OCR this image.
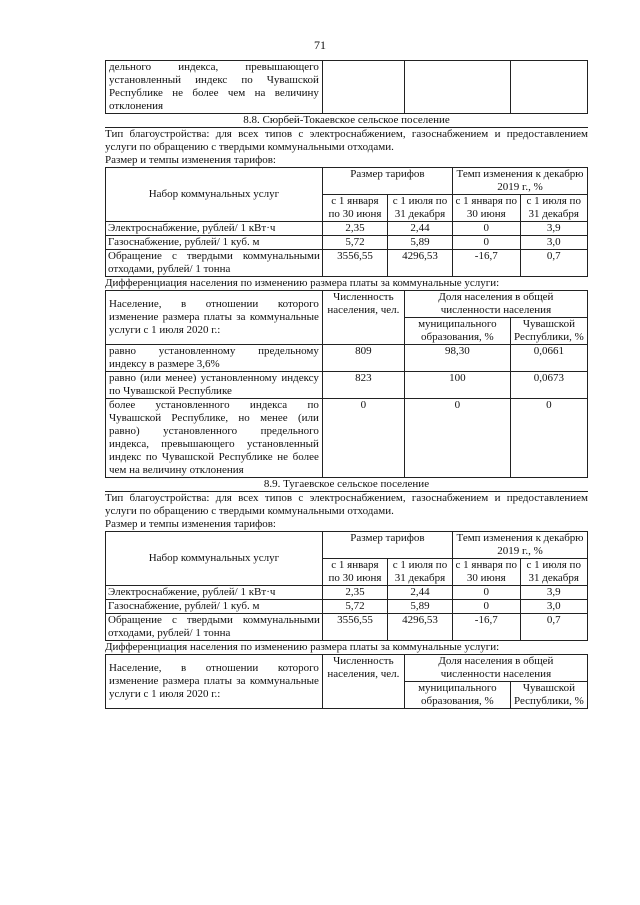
71
дельного индекса, превышающего установленный индекс по Чувашской Республике не более чем на величину отклонения			
8.8. Сюрбей-Токаевское сельское поселение
Тип благоустройства: для всех типов с электроснабжением, газоснабжением и предоставлением услуги по обращению с твердыми коммунальными отходами.
Размер и темпы изменения тарифов:
Набор коммунальных услуг	Размер тарифов		Темп изменения к декабрю 2019 г., %	
	с 1 января по 30 июня	с 1 июля по 31 декабря	с 1 января по 30 июня	с 1 июля по 31 декабря
Электроснабжение, рублей/ 1 кВт·ч	2,35	2,44	0	3,9
Газоснабжение, рублей/ 1 куб. м	5,72	5,89	0	3,0
Обращение с твердыми коммунальными отходами, рублей/ 1 тонна	3556,55	4296,53	-16,7	0,7
Дифференциация населения по изменению размера платы за коммунальные услуги:
Население, в отношении которого изменение размера платы за коммунальные услуги с 1 июля 2020 г.:	Численность населения, чел.	Доля населения в общей численности населения	
		муниципального образования, %	Чувашской Республики, %
равно установленному предельному индексу в размере 3,6%	809	98,30	0,0661
равно (или менее) установленному индексу по Чувашской Республике	823	100	0,0673
более установленного индекса по Чувашской Республике, но менее (или равно) установленного предельного индекса, превышающего установленный индекс по Чувашской Республике не более чем на величину отклонения	0	0	0
8.9. Тугаевское сельское поселение
Тип благоустройства: для всех типов с электроснабжением, газоснабжением и предоставлением услуги по обращению с твердыми коммунальными отходами.
Размер и темпы изменения тарифов:
Набор коммунальных услуг	Размер тарифов		Темп изменения к декабрю 2019 г., %	
	с 1 января по 30 июня	с 1 июля по 31 декабря	с 1 января по 30 июня	с 1 июля по 31 декабря
Электроснабжение, рублей/ 1 кВт·ч	2,35	2,44	0	3,9
Газоснабжение, рублей/ 1 куб. м	5,72	5,89	0	3,0
Обращение с твердыми коммунальными отходами, рублей/ 1 тонна	3556,55	4296,53	-16,7	0,7
Дифференциация населения по изменению размера платы за коммунальные услуги:
Население, в отношении которого изменение размера платы за коммунальные услуги с 1 июля 2020 г.:	Численность населения, чел.	Доля населения в общей численности населения	
		муниципального образования, %	Чувашской Республики, %
